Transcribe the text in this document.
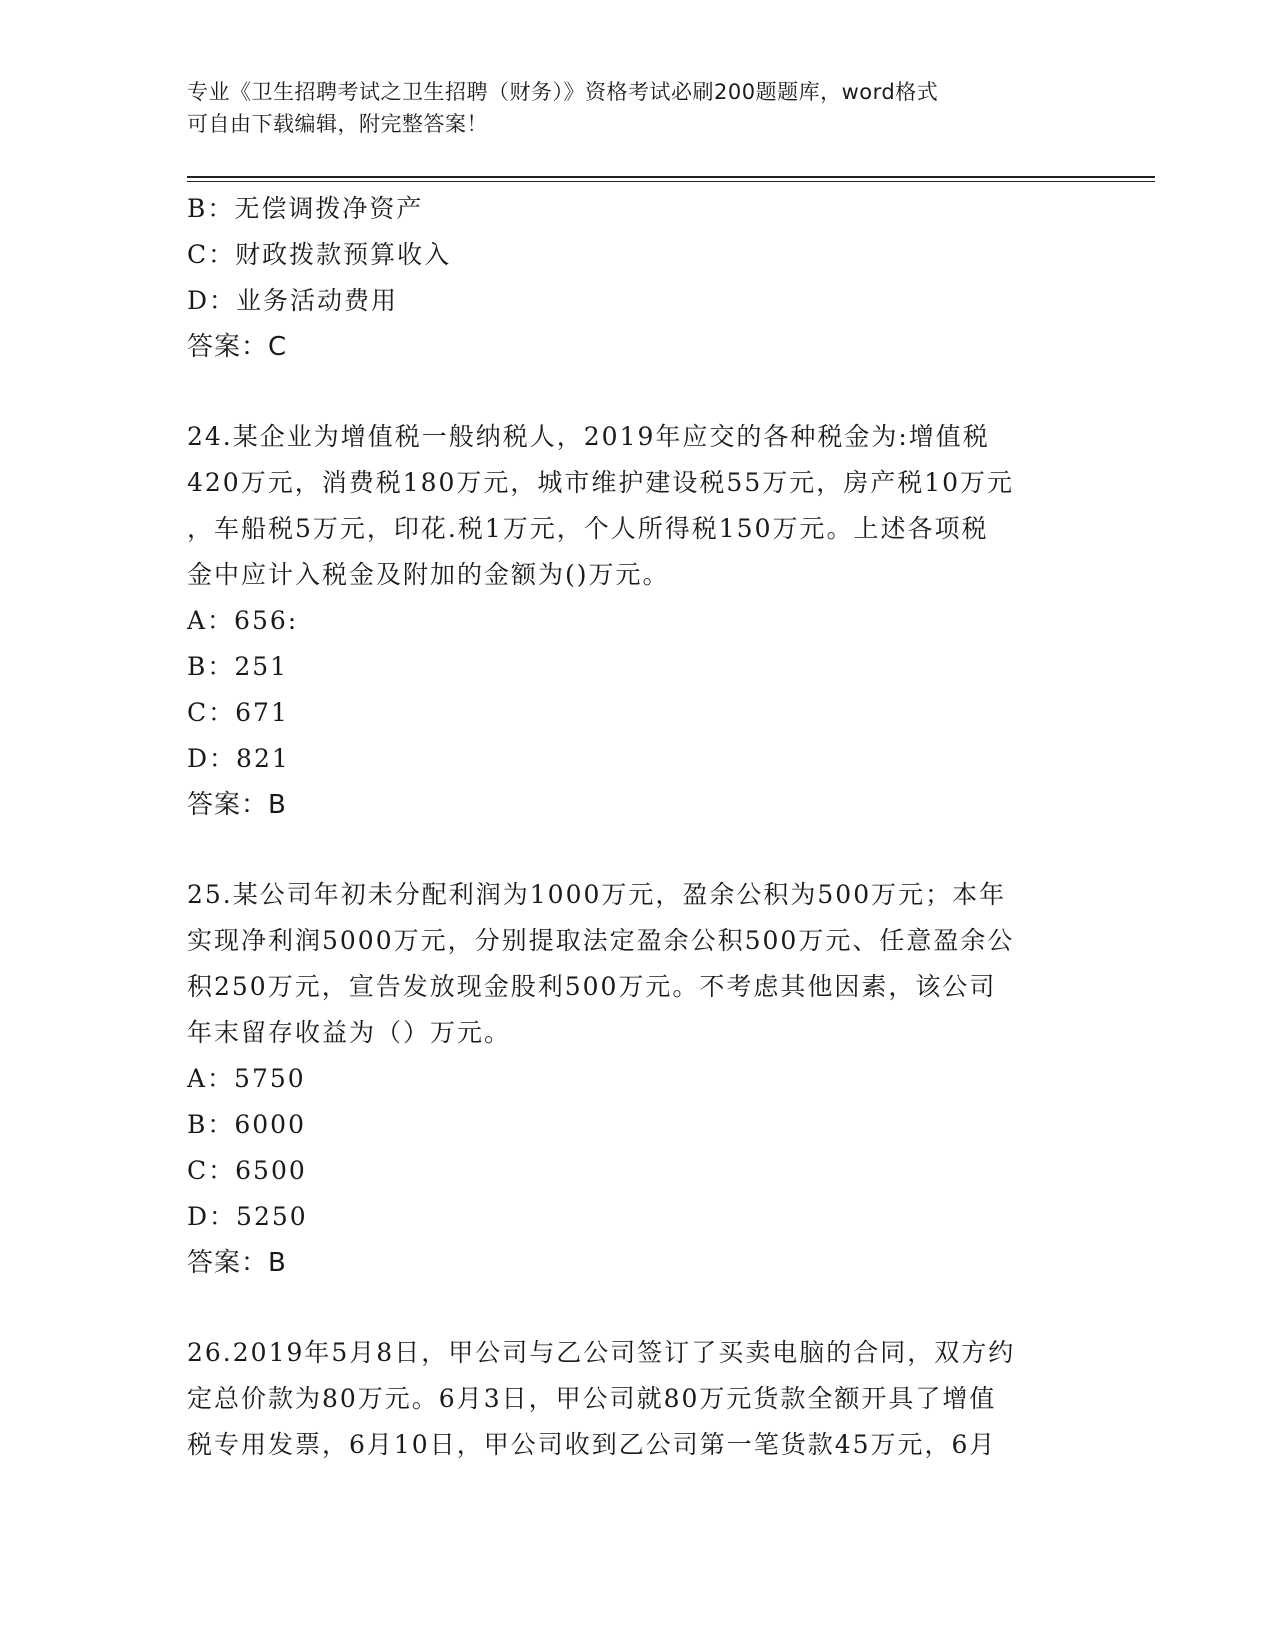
专业《卫生招聘考试之卫生招聘（财务）》资格考试必刷200题题库，word格式
可自由下载编辑，附完整答案！
B：无偿调拨净资产
C：财政拨款预算收入
D：业务活动费用
答案：C
24.某企业为增值税一般纳税人，2019年应交的各种税金为:增值税
420万元，消费税180万元，城市维护建设税55万元，房产税10万元
，车船税5万元，印花.税1万元，个人所得税150万元。上述各项税
金中应计入税金及附加的金额为()万元。
A：656:
B：251
C：671
D：821
答案：B
25.某公司年初未分配利润为1000万元，盈余公积为500万元；本年
实现净利润5000万元，分别提取法定盈余公积500万元、任意盈余公
积250万元，宣告发放现金股利500万元。不考虑其他因素，该公司
年末留存收益为（）万元。
A：5750
B：6000
C：6500
D：5250
答案：B
26.2019年5月8日，甲公司与乙公司签订了买卖电脑的合同，双方约
定总价款为80万元。6月3日，甲公司就80万元货款全额开具了增值
税专用发票，6月10日，甲公司收到乙公司第一笔货款45万元，6月
